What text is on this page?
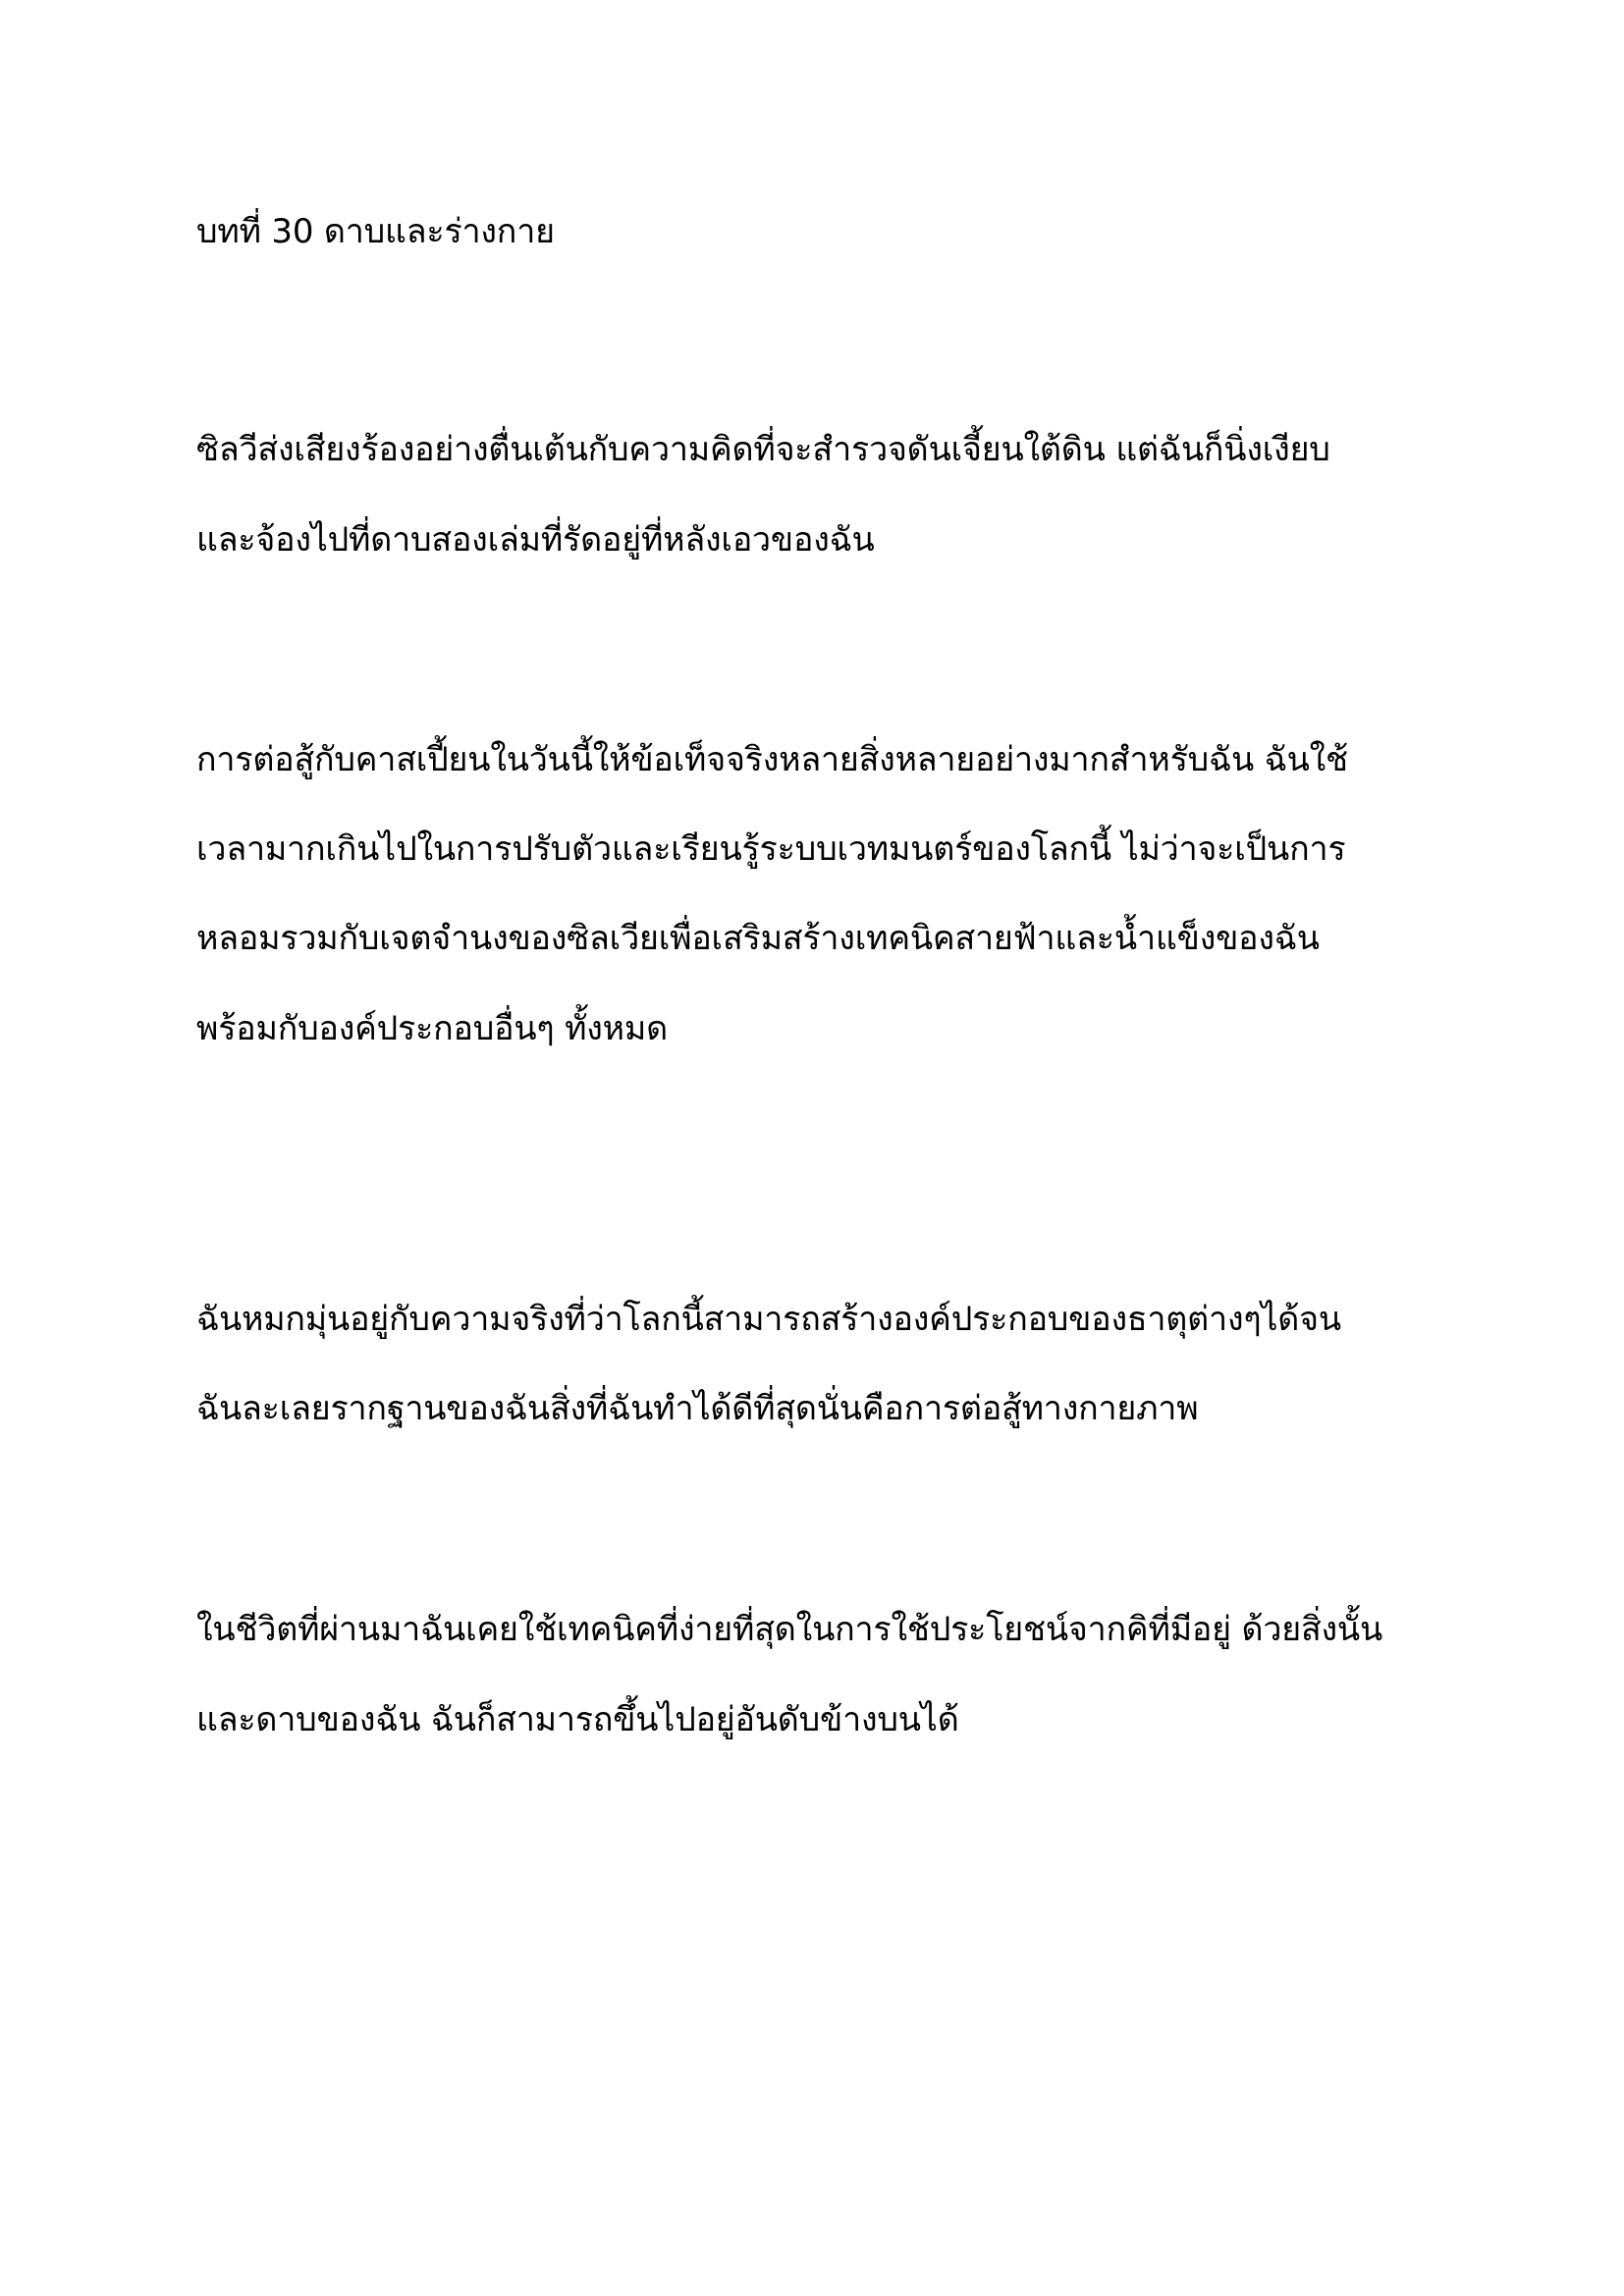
บทที่ 30 ดาบและร่างกาย

ซิลวีส่งเสียงร้องอย่างตื่นเต้นกับความคิดที่จะสำรวจดันเจี้ยนใต้ดิน แต่ฉันก็นิ่งเงียบ

และจ้องไปที่ดาบสองเล่มที่รัดอยู่ที่หลังเอวของฉัน

การต่อสู้กับคาสเปี้ยนในวันนี้ให้ข้อเท็จจริงหลายสิ่งหลายอย่างมากสำหรับฉัน ฉันใช้

เวลามากเกินไปในการปรับตัวและเรียนรู้ระบบเวทมนตร์ของโลกนี้ ไม่ว่าจะเป็นการ

หลอมรวมกับเจตจำนงของซิลเวียเพื่อเสริมสร้างเทคนิคสายฟ้าและน้ำแข็งของฉัน

พร้อมกับองค์ประกอบอื่นๆ ทั้งหมด

ฉันหมกมุ่นอยู่กับความจริงที่ว่าโลกนี้สามารถสร้างองค์ประกอบของธาตุต่างๆได้จน

ฉันละเลยรากฐานของฉันสิ่งที่ฉันทำได้ดีที่สุดนั่นคือการต่อสู้ทางกายภาพ

ในชีวิตที่ผ่านมาฉันเคยใช้เทคนิคที่ง่ายที่สุดในการใช้ประโยชน์จากคิที่มีอยู่ ด้วยสิ่งนั้น

และดาบของฉัน ฉันก็สามารถขึ้นไปอยู่อันดับข้างบนได้
